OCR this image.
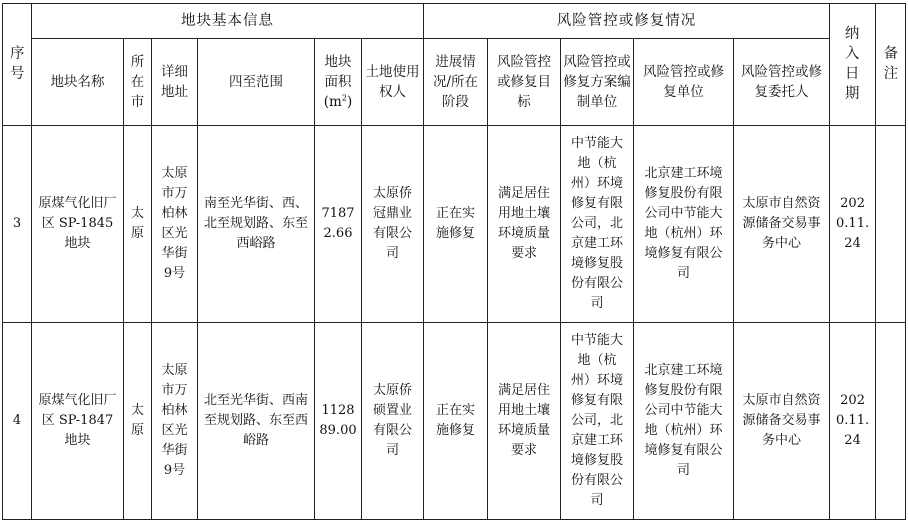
序号	地块基本信息						风险管控或修复情况					纳入日期	备注
	地块名称	所在市	详细地址	四至范围	地块面积$(m^2)$	土地使用权人	进展情况/所在阶段	风险管控或修复目标	风险管控或修复方案编制单位	风险管控或修复单位	风险管控或修复委托人		
3	原煤气化旧厂区 SP-1845地块	太原	太原市万柏林区光华街9号	南至光华街、西、北至规划路、东至西峪路	71872.66	太原侨冠鼎业有限公司	正在实施修复	满足居住用地土壤环境质量要求	中节能大地（杭州）环境修复有限公司，北京建工环境修复股份有限公司	北京建工环境修复股份有限公司中节能大地（杭州）环境修复有限公司	太原市自然资源储备交易事务中心	2020.11.24	
4	原煤气化旧厂区 SP-1847地块	太原	太原市万柏林区光华街9号	北至光华街、西南至规划路、东至西峪路	112889.00	太原侨硕置业有限公司	正在实施修复	满足居住用地土壤环境质量要求	中节能大地（杭州）环境修复有限公司，北京建工环境修复股份有限公司	北京建工环境修复股份有限公司中节能大地（杭州）环境修复有限公司	太原市自然资源储备交易事务中心	2020.11.24	
